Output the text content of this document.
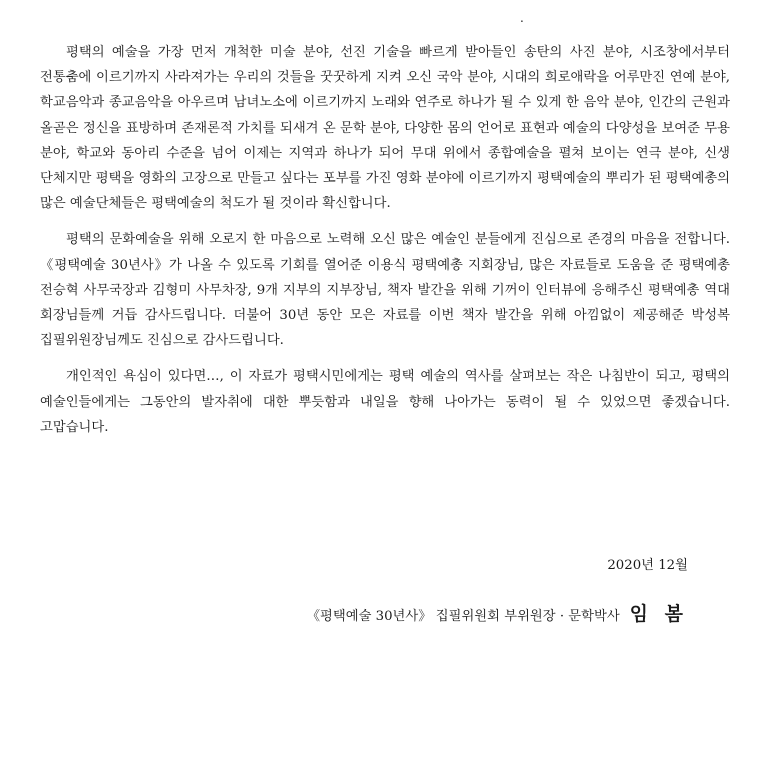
.

평택의 예술을 가장 먼저 개척한 미술 분야, 선진 기술을 빠르게 받아들인 송탄의 사진 분야, 시조창에서부터 전통춤에 이르기까지 사라져가는 우리의 것들을 꿋꿋하게 지켜 오신 국악 분야, 시대의 희로애락을 어루만진 연예 분야, 학교음악과 종교음악을 아우르며 남녀노소에 이르기까지 노래와 연주로 하나가 될 수 있게 한 음악 분야, 인간의 근원과 올곧은 정신을 표방하며 존재론적 가치를 되새겨 온 문학 분야, 다양한 몸의 언어로 표현과 예술의 다양성을 보여준 무용 분야, 학교와 동아리 수준을 넘어 이제는 지역과 하나가 되어 무대 위에서 종합예술을 펼쳐 보이는 연극 분야, 신생 단체지만 평택을 영화의 고장으로 만들고 싶다는 포부를 가진 영화 분야에 이르기까지 평택예술의 뿌리가 된 평택예총의 많은 예술단체들은 평택예술의 척도가 될 것이라 확신합니다.

평택의 문화예술을 위해 오로지 한 마음으로 노력해 오신 많은 예술인 분들에게 진심으로 존경의 마음을 전합니다. 《평택예술 30년사》가 나올 수 있도록 기회를 열어준 이용식 평택예총 지회장님, 많은 자료들로 도움을 준 평택예총 전승혁 사무국장과 김형미 사무차장, 9개 지부의 지부장님, 책자 발간을 위해 기꺼이 인터뷰에 응해주신 평택예총 역대 회장님들께 거듭 감사드립니다. 더불어 30년 동안 모은 자료를 이번 책자 발간을 위해 아낌없이 제공해준 박성복 집필위원장님께도 진심으로 감사드립니다.

개인적인 욕심이 있다면…, 이 자료가 평택시민에게는 평택 예술의 역사를 살펴보는 작은 나침반이 되고, 평택의 예술인들에게는 그동안의 발자취에 대한 뿌듯함과 내일을 향해 나아가는 동력이 될 수 있었으면 좋겠습니다. 고맙습니다.

2020년 12월
《평택예술 30년사》 집필위원회 부위원장 · 문학박사 임 봄
